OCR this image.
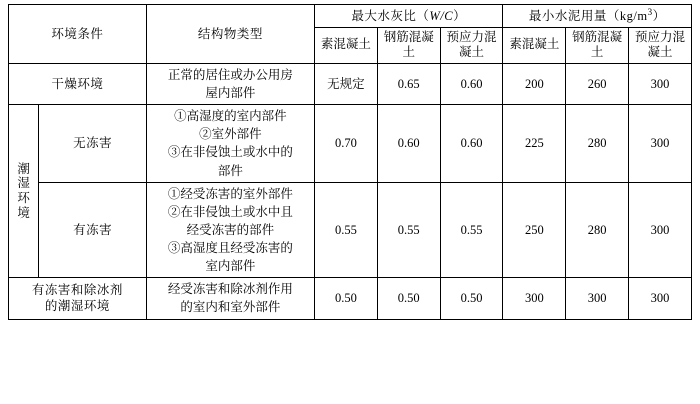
环境条件		结构物类型	最大水灰比（W/C）			最小水泥用量$(kg/m^3)$		
			素混凝土	钢筋混凝土	预应力混凝土	素混凝土	钢筋混凝土	预应力混凝土
干燥环境		正常的居住或办公用房
屋内部件	无规定	0.65	0.60	200	260	300

潮湿环境	无冻害	①高湿度的室内部件
②室外部件
③在非侵蚀土或水中的
部件	0.70	0.60	0.60	225	280	300
	有冻害	①经受冻害的室外部件
②在非侵蚀土或水中且
经受冻害的部件
③高湿度且经受冻害的
室内部件	0.55	0.55	0.55	250	280	300

有冻害和除冰剂
的潮湿环境		经受冻害和除冰剂作用
的室内和室外部件	0.50	0.50	0.50	300	300	300
